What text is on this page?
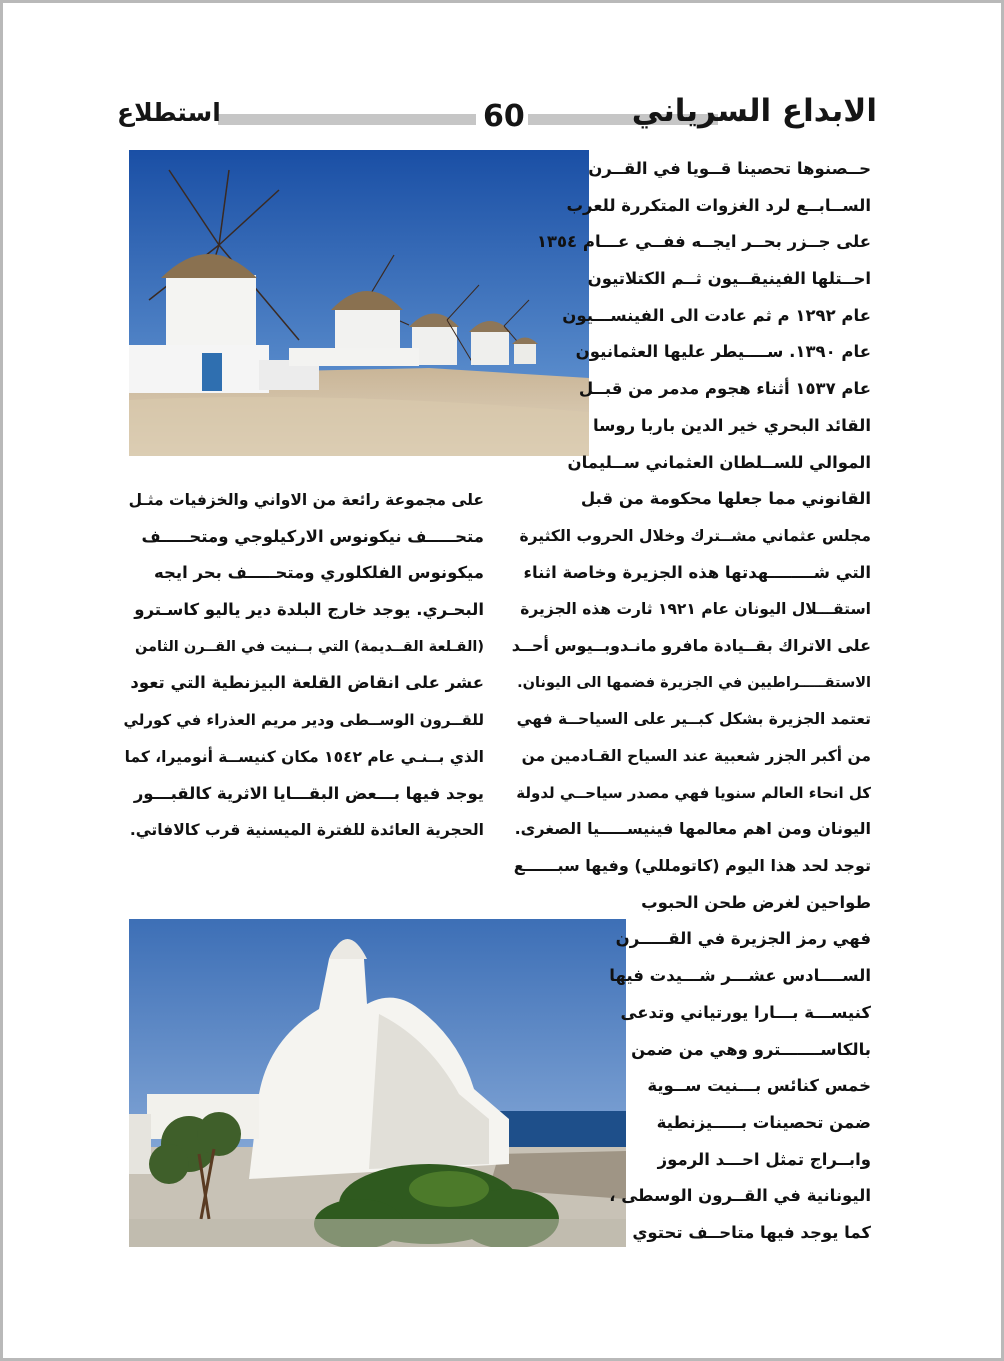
الابداع السرياني
60
استطلاع
حــصنوها تحصينا قــويا في القــرن
الســابــع لرد الغزوات المتكررة للعرب
على جــزر بحــر ايجــه ففــي عـــام ١٣٥٤
احــتلها الفينيقــيون ثــم الكتلاتيون
عام ١٢٩٢ م ثم عادت الى الفينســـيون
عام ١٣٩٠. ســــيطر عليها العثمانيون
عام ١٥٣٧ أثناء هجوم مدمر من قبــل
القائد البحري خير الدين باربا روسا
الموالي للســلطان العثماني ســليمان
القانوني مما جعلها محكومة من قبل
مجلس عثماني مشــترك وخلال الحروب الكثيرة
التي شــــــــهدتها هذه الجزيرة وخاصة اثناء
استقـــلال اليونان عام ١٩٢١ ثارت هذه الجزيرة
على الاتراك بقــيادة مافرو مانـدوبــيوس أحــد
الاستقـــــراطيين في الجزيرة فضمها الى اليونان.
تعتمد الجزيرة بشكل كبــير على السياحــة فهي
من أكبر الجزر شعبية عند السياح القـادمين من
كل انحاء العالم سنويا فهي مصدر سياحــي لدولة
اليونان ومن اهم معالمها فينيســـــيا الصغرى.
توجد لحد هذا اليوم (كاتومللي) وفيها سبــــــع
طواحين لغرض طحن الحبوب
فهي رمز الجزيرة في القـــــرن
الســــادس عشـــر شـــيدت فيها
كنيســـة بـــارا يورتياني وتدعى
بالكاســـــــترو وهي من ضمن
خمس كنائس بـــنيت ســوية
ضمن تحصينات بـــــيزنطية
وابــراج تمثل احـــد الرموز
اليونانية في القــرون الوسطى ،
كما يوجد فيها متاحــف تحتوي
على مجموعة رائعة من الاواني والخزفيات مثـل
متحـــــف نيكونوس الاركيلوجي ومتحـــــف
ميكونوس الفلكلوري ومتحـــــف بحر ايجه
البحـري. يوجد خارج البلدة دير ياليو كاسـترو
(القـلعة القــديمة) التي بــنيت في القــرن الثامن
عشر على انقاض القلعة البيزنطية التي تعود
للقــرون الوســطى ودير مريم العذراء في كورلي
الذي بــنـي عام ١٥٤٢ مكان كنيســة أنوميرا، كما
يوجد فيها بـــعض البقـــايا الاثرية كالقبـــور
الحجرية العائدة للفترة الميسنية قرب كالافاتي.
